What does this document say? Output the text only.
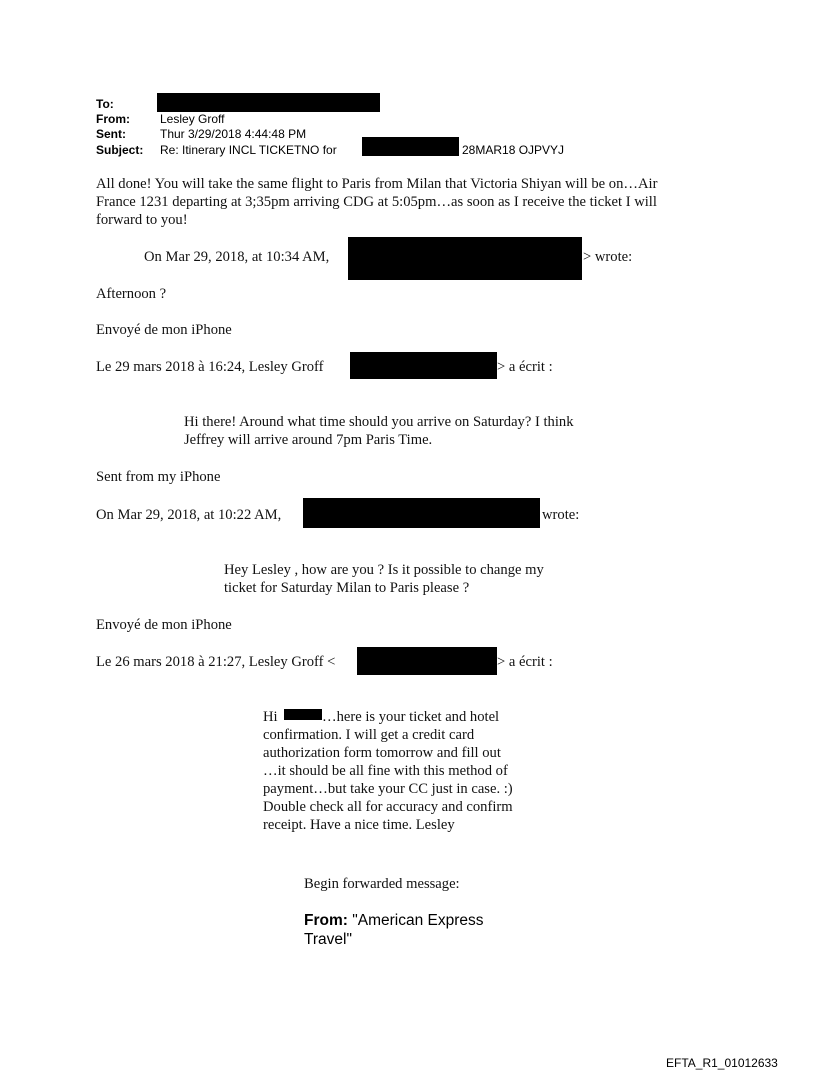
To:
From:	Lesley Groff
Sent:	Thur 3/29/2018 4:44:48 PM
Subject: Re: Itinerary INCL TICKETNO for	28MAR18 OJPVYJ
All done! You will take the same flight to Paris from Milan that Victoria Shiyan will be on…Air
France 1231 departing at 3;35pm arriving CDG at 5:05pm…as soon as I receive the ticket I will
forward to you!
On Mar 29, 2018, at 10:34 AM,	> wrote:
Afternoon ?
Envoyé de mon iPhone
Le 29 mars 2018 à 16:24, Lesley Groff	> a écrit :
Hi there! Around what time should you arrive on Saturday? I think
Jeffrey will arrive around 7pm Paris Time.
Sent from my iPhone
On Mar 29, 2018, at 10:22 AM,	wrote:
Hey Lesley , how are you ? Is it possible to change my
ticket for Saturday Milan to Paris please ?
Envoyé de mon iPhone
Le 26 mars 2018 à 21:27, Lesley Groff <	> a écrit :
Hi	…here is your ticket and hotel
confirmation. I will get a credit card
authorization form tomorrow and fill out
…it should be all fine with this method of
payment…but take your CC just in case. :)
Double check all for accuracy and confirm
receipt. Have a nice time. Lesley
Begin forwarded message:
From: "American Express
Travel"
EFTA_R1_01012633
